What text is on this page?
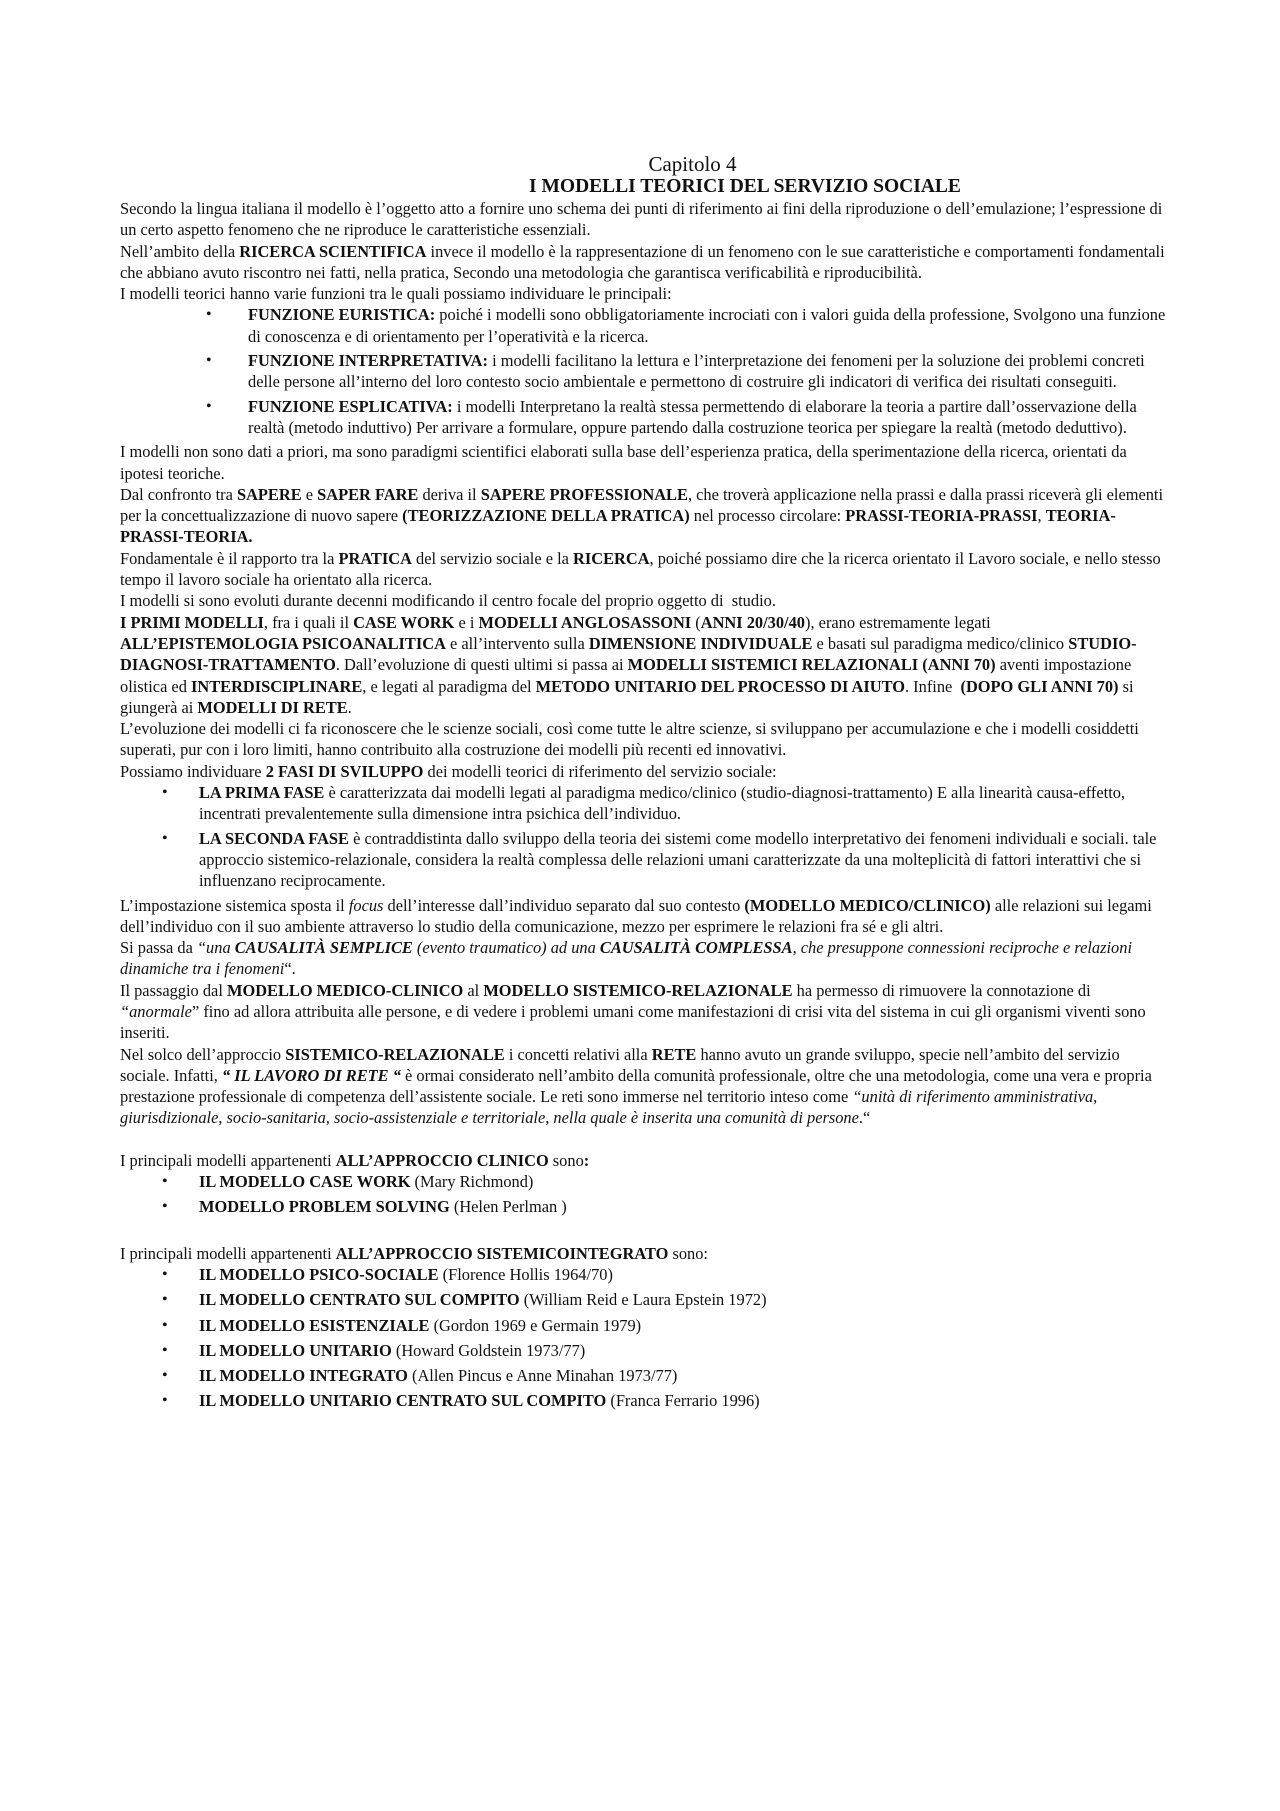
Capitolo 4
I MODELLI TEORICI DEL SERVIZIO SOCIALE

Secondo la lingua italiana il modello è l’oggetto atto a fornire uno schema dei punti di riferimento ai fini della riproduzione o dell’emulazione; l’espressione di un certo aspetto fenomeno che ne riproduce le caratteristiche essenziali.

Nell’ambito della RICERCA SCIENTIFICA invece il modello è la rappresentazione di un fenomeno con le sue caratteristiche e comportamenti fondamentali che abbiano avuto riscontro nei fatti, nella pratica, Secondo una metodologia che garantisca verificabilità e riproducibilità.

I modelli teorici hanno varie funzioni tra le quali possiamo individuare le principali:

• FUNZIONE EURISTICA: poiché i modelli sono obbligatoriamente incrociati con i valori guida della professione, Svolgono una funzione di conoscenza e di orientamento per l’operatività e la ricerca.
• FUNZIONE INTERPRETATIVA: i modelli facilitano la lettura e l’interpretazione dei fenomeni per la soluzione dei problemi concreti delle persone all’interno del loro contesto socio ambientale e permettono di costruire gli indicatori di verifica dei risultati conseguiti.
• FUNZIONE ESPLICATIVA: i modelli Interpretano la realtà stessa permettendo di elaborare la teoria a partire dall’osservazione della realtà (metodo induttivo) Per arrivare a formulare, oppure partendo dalla costruzione teorica per spiegare la realtà (metodo deduttivo).

I modelli non sono dati a priori, ma sono paradigmi scientifici elaborati sulla base dell’esperienza pratica, della sperimentazione della ricerca, orientati da ipotesi teoriche.

Dal confronto tra SAPERE e SAPER FARE deriva il SAPERE PROFESSIONALE, che troverà applicazione nella prassi e dalla prassi riceverà gli elementi per la concettualizzazione di nuovo sapere (TEORIZZAZIONE DELLA PRATICA) nel processo circolare: PRASSI-TEORIA-PRASSI, TEORIA-PRASSI-TEORIA.

Fondamentale è il rapporto tra la PRATICA del servizio sociale e la RICERCA, poiché possiamo dire che la ricerca orientato il Lavoro sociale, e nello stesso tempo il lavoro sociale ha orientato alla ricerca.

I modelli si sono evoluti durante decenni modificando il centro focale del proprio oggetto di  studio.

I PRIMI MODELLI, fra i quali il CASE WORK e i MODELLI ANGLOSASSONI (ANNI 20/30/40), erano estremamente legati ALL’EPISTEMOLOGIA PSICOANALITICA e all’intervento sulla DIMENSIONE INDIVIDUALE e basati sul paradigma medico/clinico STUDIO-DIAGNOSI-TRATTAMENTO. Dall’evoluzione di questi ultimi si passa ai MODELLI SISTEMICI RELAZIONALI (ANNI 70) aventi impostazione olistica ed INTERDISCIPLINARE, e legati al paradigma del METODO UNITARIO DEL PROCESSO DI AIUTO. Infine  (DOPO GLI ANNI 70) si giungerà ai MODELLI DI RETE.

L’evoluzione dei modelli ci fa riconoscere che le scienze sociali, così come tutte le altre scienze, si sviluppano per accumulazione e che i modelli cosiddetti superati, pur con i loro limiti, hanno contribuito alla costruzione dei modelli più recenti ed innovativi.

Possiamo individuare 2 FASI DI SVILUPPO dei modelli teorici di riferimento del servizio sociale:

• LA PRIMA FASE è caratterizzata dai modelli legati al paradigma medico/clinico (studio-diagnosi-trattamento) E alla linearità causa-effetto, incentrati prevalentemente sulla dimensione intra psichica dell’individuo.
• LA SECONDA FASE è contraddistinta dallo sviluppo della teoria dei sistemi come modello interpretativo dei fenomeni individuali e sociali. tale approccio sistemico-relazionale, considera la realtà complessa delle relazioni umani caratterizzate da una molteplicità di fattori interattivi che si influenzano reciprocamente.

L’impostazione sistemica sposta il focus dell’interesse dall’individuo separato dal suo contesto (MODELLO MEDICO/CLINICO) alle relazioni sui legami dell’individuo con il suo ambiente attraverso lo studio della comunicazione, mezzo per esprimere le relazioni fra sé e gli altri.

Si passa da “una CAUSALITÀ SEMPLICE (evento traumatico) ad una CAUSALITÀ COMPLESSA, che presuppone connessioni reciproche e relazioni dinamiche tra i fenomeni“.

Il passaggio dal MODELLO MEDICO-CLINICO al MODELLO SISTEMICO-RELAZIONALE ha permesso di rimuovere la connotazione di “anormale” fino ad allora attribuita alle persone, e di vedere i problemi umani come manifestazioni di crisi vita del sistema in cui gli organismi viventi sono inseriti.

Nel solco dell’approccio SISTEMICO-RELAZIONALE i concetti relativi alla RETE hanno avuto un grande sviluppo, specie nell’ambito del servizio sociale. Infatti, “ IL LAVORO DI RETE “ è ormai considerato nell’ambito della comunità professionale, oltre che una metodologia, come una vera e propria prestazione professionale di competenza dell’assistente sociale. Le reti sono immerse nel territorio inteso come “unità di riferimento amministrativa, giurisdizionale, socio-sanitaria, socio-assistenziale e territoriale, nella quale è inserita una comunità di persone.“

I principali modelli appartenenti ALL’APPROCCIO CLINICO sono:

• IL MODELLO CASE WORK (Mary Richmond)
• MODELLO PROBLEM SOLVING (Helen Perlman )

I principali modelli appartenenti ALL’APPROCCIO SISTEMICOINTEGRATO sono:

• IL MODELLO PSICO-SOCIALE (Florence Hollis 1964/70)
• IL MODELLO CENTRATO SUL COMPITO (William Reid e Laura Epstein 1972)
• IL MODELLO ESISTENZIALE (Gordon 1969 e Germain 1979)
• IL MODELLO UNITARIO (Howard Goldstein 1973/77)
• IL MODELLO INTEGRATO (Allen Pincus e Anne Minahan 1973/77)
• IL MODELLO UNITARIO CENTRATO SUL COMPITO (Franca Ferrario 1996)
